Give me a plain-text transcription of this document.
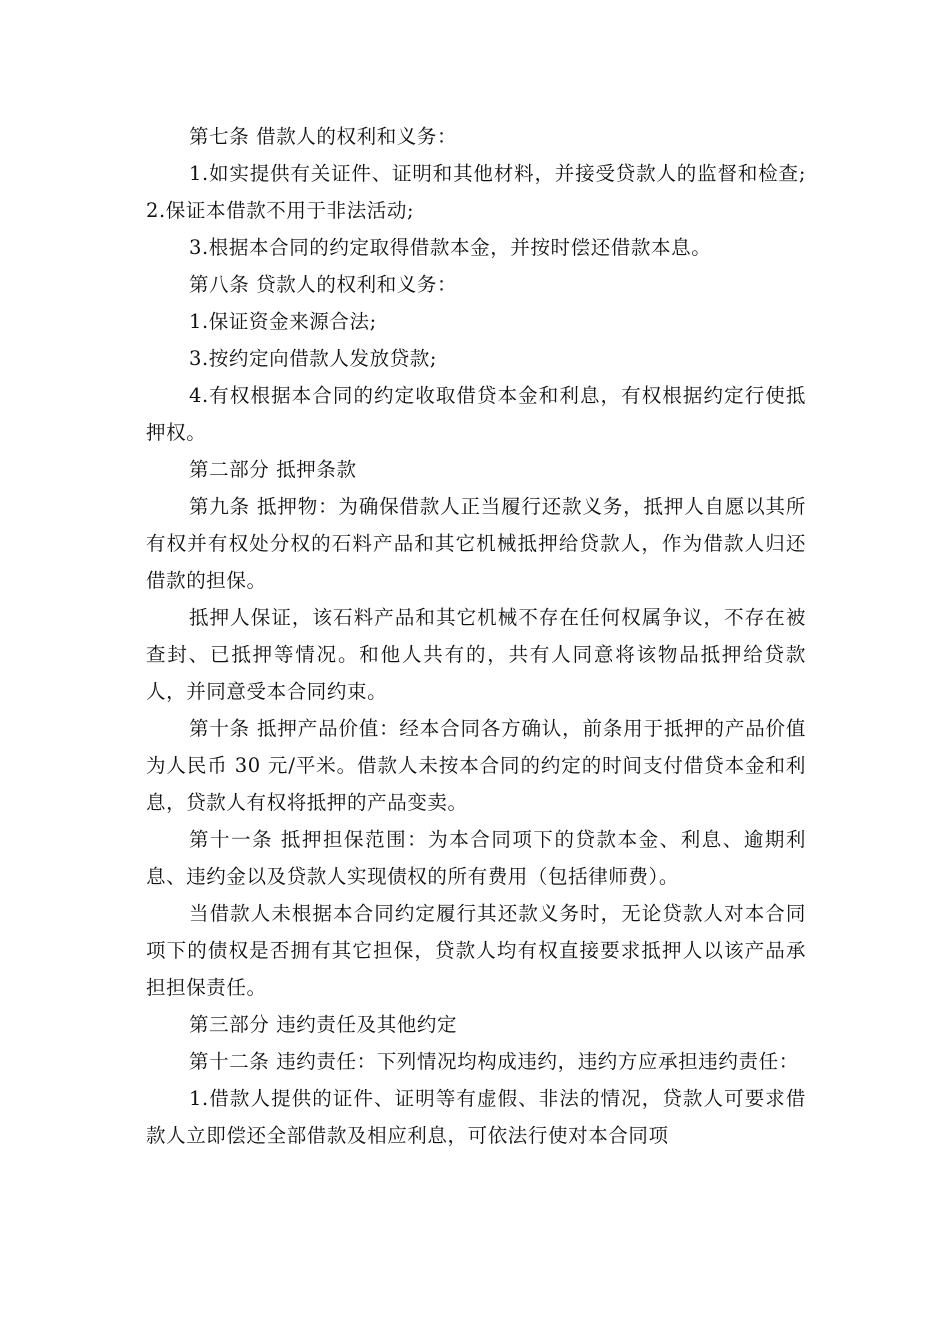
第七条 借款人的权利和义务：

1.如实提供有关证件、证明和其他材料，并接受贷款人的监督和检查; 2.保证本借款不用于非法活动;

3.根据本合同的约定取得借款本金，并按时偿还借款本息。

第八条 贷款人的权利和义务：

1.保证资金来源合法;

3.按约定向借款人发放贷款;

4.有权根据本合同的约定收取借贷本金和利息，有权根据约定行使抵押权。

第二部分 抵押条款

第九条 抵押物：为确保借款人正当履行还款义务，抵押人自愿以其所有权并有权处分权的石料产品和其它机械抵押给贷款人，作为借款人归还借款的担保。

抵押人保证，该石料产品和其它机械不存在任何权属争议，不存在被查封、已抵押等情况。和他人共有的，共有人同意将该物品抵押给贷款人，并同意受本合同约束。

第十条 抵押产品价值：经本合同各方确认，前条用于抵押的产品价值为人民币 30 元/平米。借款人未按本合同的约定的时间支付借贷本金和利息，贷款人有权将抵押的产品变卖。

第十一条 抵押担保范围：为本合同项下的贷款本金、利息、逾期利息、违约金以及贷款人实现债权的所有费用（包括律师费）。

当借款人未根据本合同约定履行其还款义务时，无论贷款人对本合同项下的债权是否拥有其它担保，贷款人均有权直接要求抵押人以该产品承担担保责任。

第三部分 违约责任及其他约定

第十二条 违约责任：下列情况均构成违约，违约方应承担违约责任：

1.借款人提供的证件、证明等有虚假、非法的情况，贷款人可要求借款人立即偿还全部借款及相应利息，可依法行使对本合同项
